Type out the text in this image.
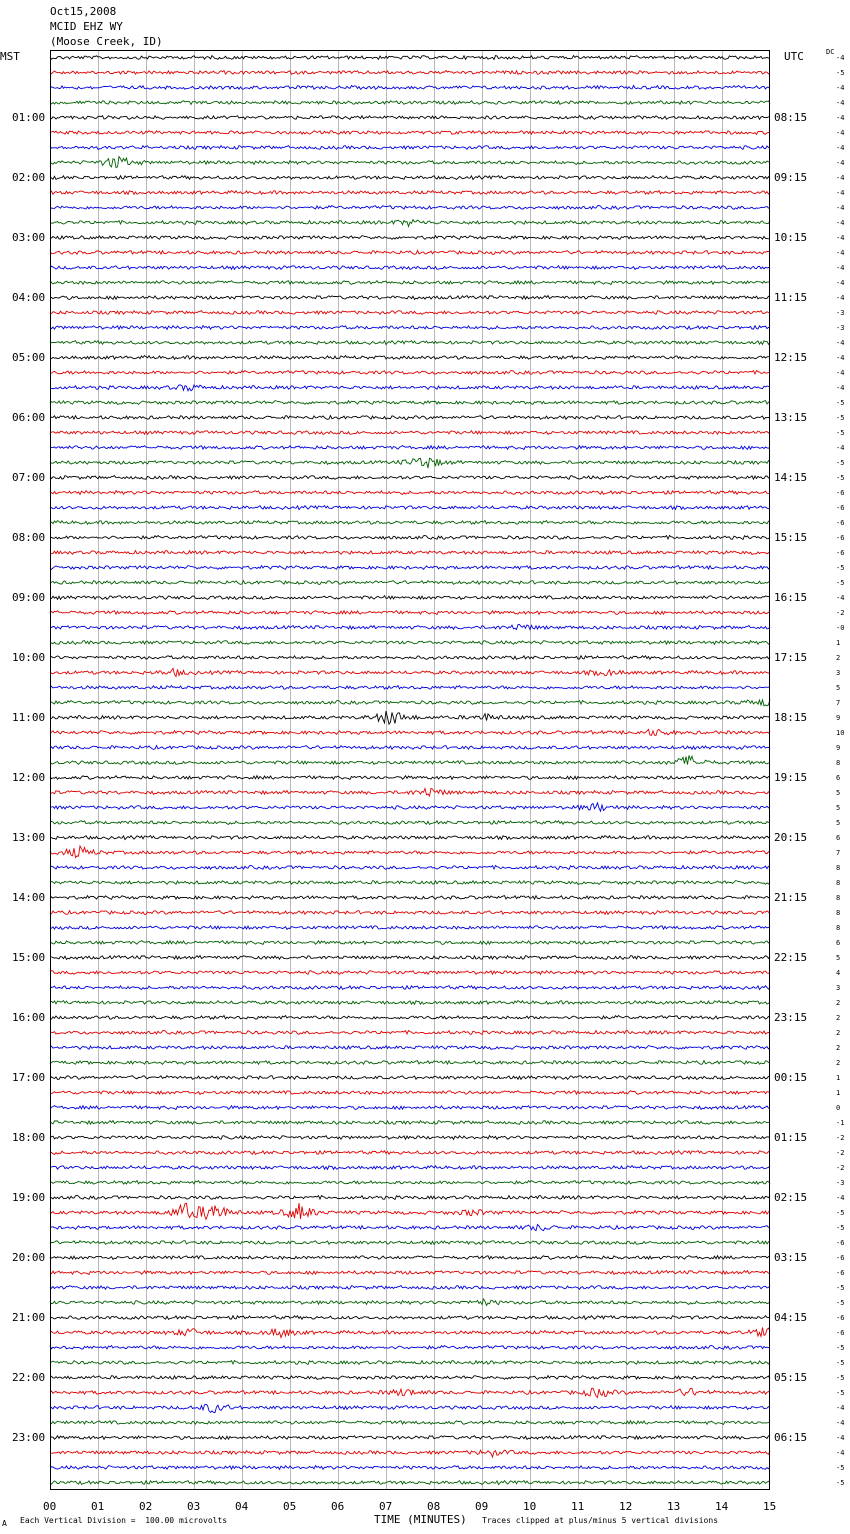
Oct15,2008
MCID EHZ WY
(Moose Creek, ID)
MST	UTC	DC
00	01	02	03	04	05	06	07	08	09	10	11	12	13	14	15
01:00
02:00
03:00
04:00
05:00
06:00
07:00
08:00
09:00
10:00
11:00
12:00
13:00
14:00
15:00
16:00
17:00
18:00
19:00
20:00
21:00
22:00
23:00
08:15
09:15
10:15
11:15
12:15
13:15
14:15
15:15
16:15
17:15
18:15
19:15
20:15
21:15
22:15
23:15
00:15
01:15
02:15
03:15
04:15
05:15
06:15
-4
-5
-4
-4
-4
-4
-4
-4
-4
-4
-4
-4
-4
-4
-4
-4
-4
-3
-3
-4
-4
-4
-4
-5
-5
-5
-4
-5
-5
-6
-6
-6
-6
-6
-5
-5
-4
-2
-0
1
2
3
5
7
9
10
9
8
6
5
5
5
6
7
8
8
8
8
8
6
5
4
3
2
2
2
2
2
1
1
0
-1
-2
-2
-2
-3
-4
-5
-5
-6
-6
-6
-5
-5
-6
-6
-5
-5
-5
-5
-4
-4
-4
-4
-5
-5
A Each Vertical Division =  100.00 microvolts	TIME (MINUTES) Traces clipped at plus/minus 5 vertical divisions
